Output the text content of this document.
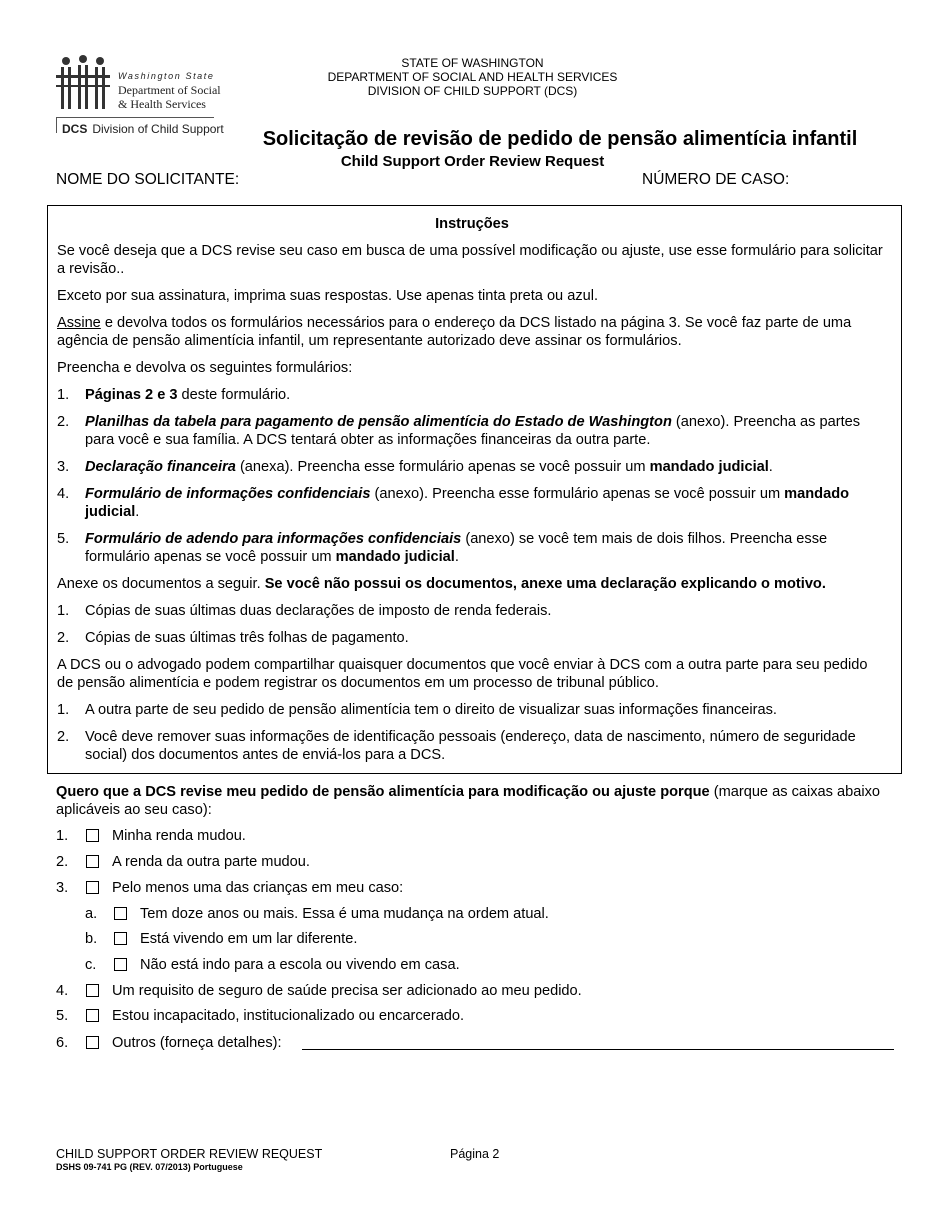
Washington State
Department of Social
& Health Services
DCS Division of Child Support
STATE OF WASHINGTON
DEPARTMENT OF SOCIAL AND HEALTH SERVICES
DIVISION OF CHILD SUPPORT (DCS)
Solicitação de revisão de pedido de pensão alimentícia infantil
Child Support Order Review Request
NOME DO SOLICITANTE:	NÚMERO DE CASO:
Instruções

Se você deseja que a DCS revise seu caso em busca de uma possível modificação ou ajuste, use esse formulário para solicitar a revisão..

Exceto por sua assinatura, imprima suas respostas. Use apenas tinta preta ou azul.

Assine e devolva todos os formulários necessários para o endereço da DCS listado na página 3. Se você faz parte de uma agência de pensão alimentícia infantil, um representante autorizado deve assinar os formulários.

Preencha e devolva os seguintes formulários:

1. Páginas 2 e 3 deste formulário.
2. Planilhas da tabela para pagamento de pensão alimentícia do Estado de Washington (anexo). Preencha as partes para você e sua família. A DCS tentará obter as informações financeiras da outra parte.
3. Declaração financeira (anexa). Preencha esse formulário apenas se você possuir um mandado judicial.
4. Formulário de informações confidenciais (anexo). Preencha esse formulário apenas se você possuir um mandado judicial.
5. Formulário de adendo para informações confidenciais (anexo) se você tem mais de dois filhos. Preencha esse formulário apenas se você possuir um mandado judicial.

Anexe os documentos a seguir. Se você não possui os documentos, anexe uma declaração explicando o motivo.

1. Cópias de suas últimas duas declarações de imposto de renda federais.
2. Cópias de suas últimas três folhas de pagamento.

A DCS ou o advogado podem compartilhar quaisquer documentos que você enviar à DCS com a outra parte para seu pedido de pensão alimentícia e podem registrar os documentos em um processo de tribunal público.

1. A outra parte de seu pedido de pensão alimentícia tem o direito de visualizar suas informações financeiras.
2. Você deve remover suas informações de identificação pessoais (endereço, data de nascimento, número de seguridade social) dos documentos antes de enviá-los para a DCS.
Quero que a DCS revise meu pedido de pensão alimentícia para modificação ou ajuste porque (marque as caixas abaixo aplicáveis ao seu caso):
1.	Minha renda mudou.
2.	A renda da outra parte mudou.
3.	Pelo menos uma das crianças em meu caso:
a.	Tem doze anos ou mais. Essa é uma mudança na ordem atual.
b.	Está vivendo em um lar diferente.
c.	Não está indo para a escola ou vivendo em casa.
4.	Um requisito de seguro de saúde precisa ser adicionado ao meu pedido.
5.	Estou incapacitado, institucionalizado ou encarcerado.
6.	Outros (forneça detalhes):
CHILD SUPPORT ORDER REVIEW REQUEST
DSHS 09-741 PG (REV. 07/2013) Portuguese
Página 2
